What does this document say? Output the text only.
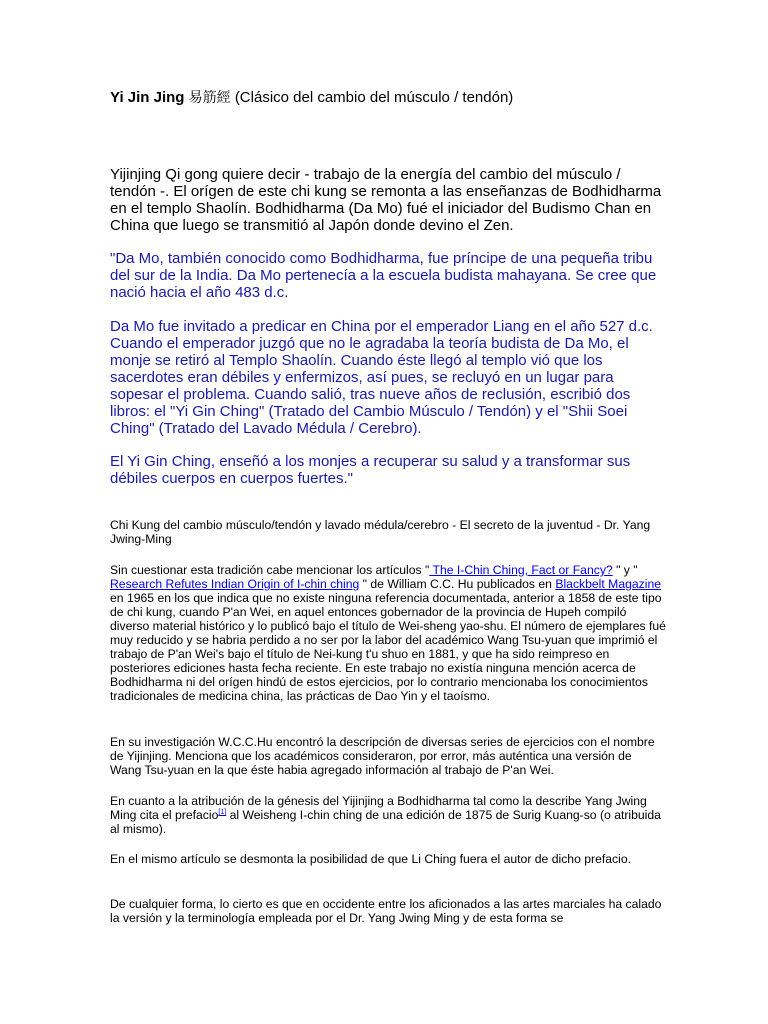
Yi Jin Jing 易筋經 (Clásico del cambio del músculo / tendón)

Yijinjing Qi gong quiere decir - trabajo de la energía del cambio del músculo / tendón -. El orígen de este chi kung se remonta a las enseñanzas de Bodhidharma en el templo Shaolín. Bodhidharma (Da Mo) fué el iniciador del Budismo Chan en China que luego se transmitió al Japón donde devino el Zen.

"Da Mo, también conocido como Bodhidharma, fue príncipe de una pequeña tribu del sur de la India. Da Mo pertenecía a la escuela budista mahayana. Se cree que nació hacia el año 483 d.c.

Da Mo fue invitado a predicar en China por el emperador Liang en el año 527 d.c. Cuando el emperador juzgó que no le agradaba la teoría budista de Da Mo, el monje se retiró al Templo Shaolín. Cuando éste llegó al templo vió que los sacerdotes eran débiles y enfermizos, así pues, se recluyó en un lugar para sopesar el problema. Cuando salió, tras nueve años de reclusión, escribió dos libros: el "Yi Gin Ching" (Tratado del Cambio Músculo / Tendón) y el "Shii Soei Ching" (Tratado del Lavado Médula / Cerebro).

El Yi Gin Ching, enseñó a los monjes a recuperar su salud y a transformar sus débiles cuerpos en cuerpos fuertes."

Chi Kung del cambio músculo/tendón y lavado médula/cerebro - El secreto de la juventud - Dr. Yang Jwing-Ming

Sin cuestionar esta tradición cabe mencionar los artículos " The I-Chin Ching, Fact or Fancy? " y " Research Refutes Indian Origin of I-chin ching " de William C.C. Hu publicados en Blackbelt Magazine en 1965 en los que indica que no existe ninguna referencia documentada, anterior a 1858 de este tipo de chi kung, cuando P'an Wei, en aquel entonces gobernador de la provincia de Hupeh compiló diverso material histórico y lo publicó bajo el título de Wei-sheng yao-shu. El número de ejemplares fué muy reducido y se habria perdido a no ser por la labor del académico Wang Tsu-yuan que imprimió el trabajo de P'an Wei's bajo el título de Nei-kung t'u shuo en 1881, y que ha sido reimpreso en posteriores ediciones hasta fecha reciente. En este trabajo no existía ninguna mención acerca de Bodhidharma ni del orígen hindú de estos ejercicios, por lo contrario mencionaba los conocimientos tradicionales de medicina china, las prácticas de Dao Yin y el taoísmo.

En su investigación W.C.C.Hu encontró la descripción de diversas series de ejercicios con el nombre de Yijinjing. Menciona que los académicos consideraron, por error, más auténtica una versión de Wang Tsu-yuan en la que éste habia agregado información al trabajo de P'an Wei.

En cuanto a la atribución de la génesis del Yijinjing a Bodhidharma tal como la describe Yang Jwing Ming cita el prefacio[1] al Weisheng I-chin ching de una edición de 1875 de Surig Kuang-so (o atribuida al mismo).

En el mismo artículo se desmonta la posibilidad de que Li Ching fuera el autor de dicho prefacio.

De cualquier forma, lo cierto es que en occidente entre los aficionados a las artes marciales ha calado la versión y la terminología empleada por el Dr. Yang Jwing Ming y de esta forma se
